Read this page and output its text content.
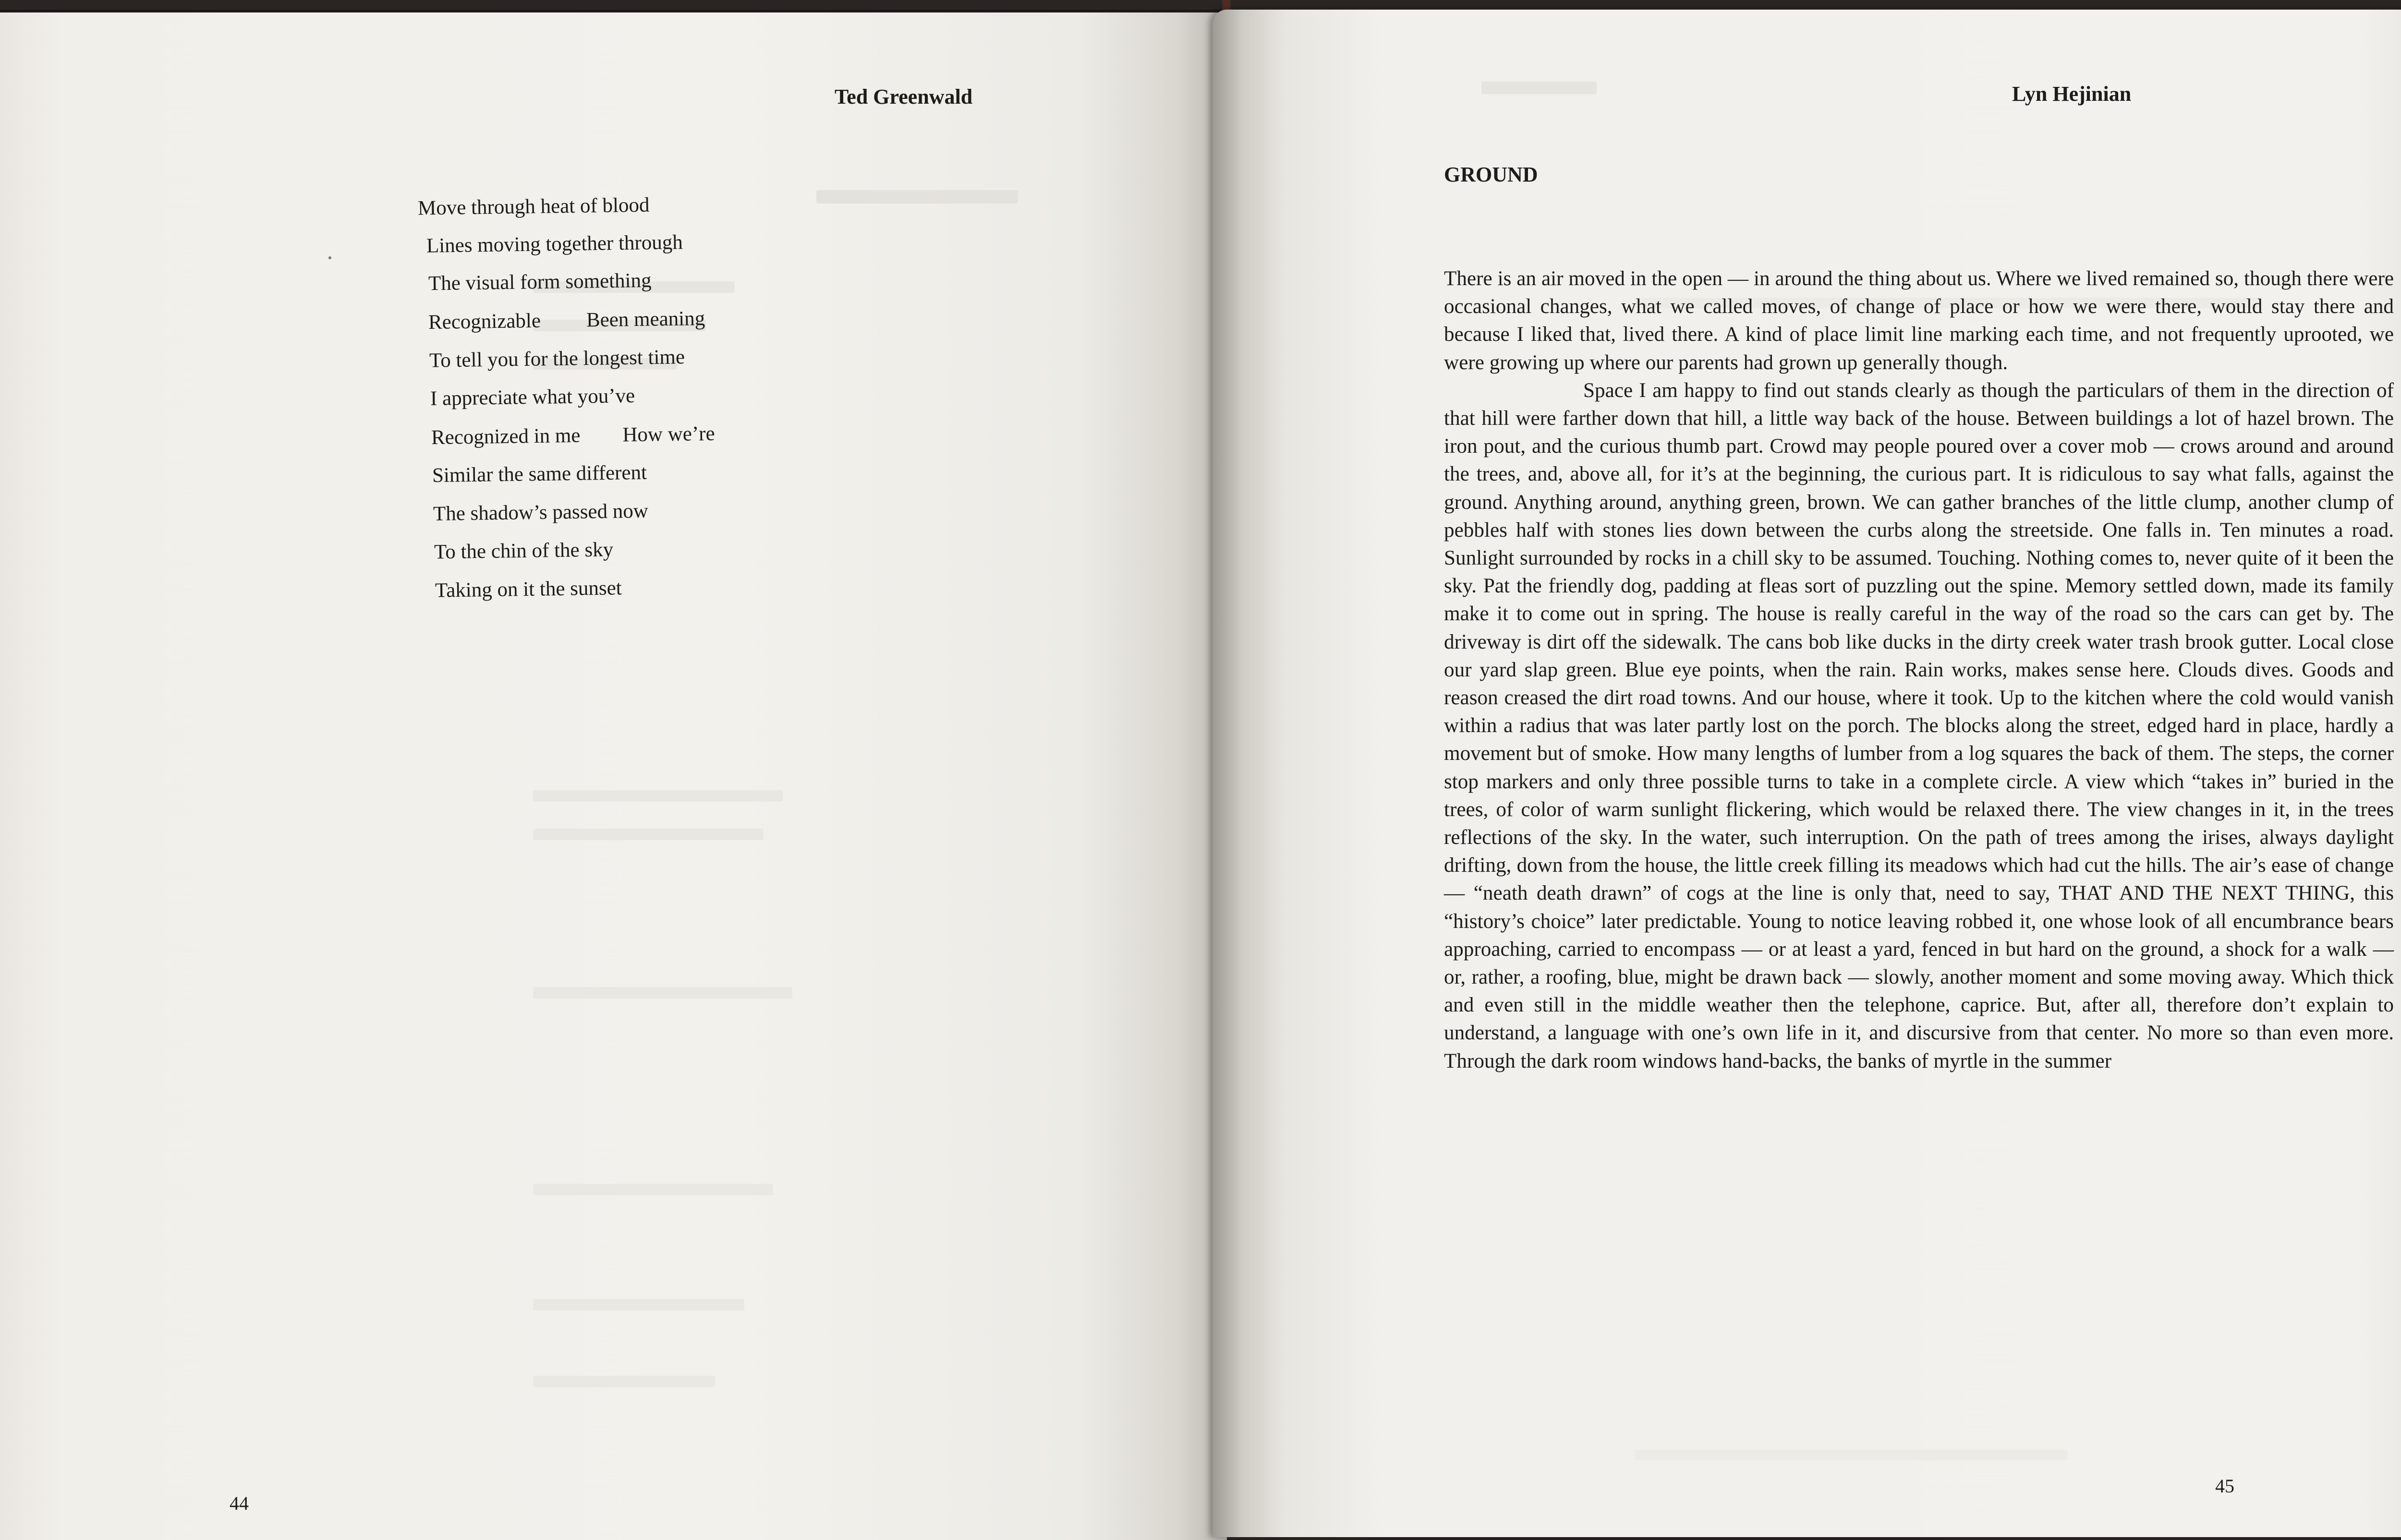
Ted Greenwald
Move through heat of blood
Lines moving together through
The visual form something
Recognizable Been meaning
To tell you for the longest time
I appreciate what you’ve
Recognized in me How we’re
Similar the same different
The shadow’s passed now
To the chin of the sky
Taking on it the sunset
44
Lyn Hejinian
GROUND

There is an air moved in the open — in around the thing about us. Where we lived remained so, though there were occasional changes, what we called moves, of change of place or how we were there, would stay there and because I liked that, lived there. A kind of place limit line marking each time, and not frequently uprooted, we were growing up where our parents had grown up generally though.

Space I am happy to find out stands clearly as though the particulars of them in the direction of that hill were farther down that hill, a little way back of the house. Between buildings a lot of hazel brown. The iron pout, and the curious thumb part. Crowd may people poured over a cover mob — crows around and around the trees, and, above all, for it’s at the beginning, the curious part. It is ridiculous to say what falls, against the ground. Anything around, anything green, brown. We can gather branches of the little clump, another clump of pebbles half with stones lies down between the curbs along the streetside. One falls in. Ten minutes a road. Sunlight surrounded by rocks in a chill sky to be assumed. Touching. Nothing comes to, never quite of it been the sky. Pat the friendly dog, padding at fleas sort of puzzling out the spine. Memory settled down, made its family make it to come out in spring. The house is really careful in the way of the road so the cars can get by. The driveway is dirt off the sidewalk. The cans bob like ducks in the dirty creek water trash brook gutter. Local close our yard slap green. Blue eye points, when the rain. Rain works, makes sense here. Clouds dives. Goods and reason creased the dirt road towns. And our house, where it took. Up to the kitchen where the cold would vanish within a radius that was later partly lost on the porch. The blocks along the street, edged hard in place, hardly a movement but of smoke. How many lengths of lumber from a log squares the back of them. The steps, the corner stop markers and only three possible turns to take in a complete circle. A view which “takes in” buried in the trees, of color of warm sunlight flickering, which would be relaxed there. The view changes in it, in the trees reflections of the sky. In the water, such interruption. On the path of trees among the irises, always daylight drifting, down from the house, the little creek filling its meadows which had cut the hills. The air’s ease of change — “neath death drawn” of cogs at the line is only that, need to say, THAT AND THE NEXT THING, this “history’s choice” later predictable. Young to notice leaving robbed it, one whose look of all encumbrance bears approaching, carried to encompass — or at least a yard, fenced in but hard on the ground, a shock for a walk — or, rather, a roofing, blue, might be drawn back — slowly, another moment and some moving away. Which thick and even still in the middle weather then the telephone, caprice. But, after all, therefore don’t explain to understand, a language with one’s own life in it, and discursive from that center. No more so than even more. Through the dark room windows hand-backs, the banks of myrtle in the summer

45
